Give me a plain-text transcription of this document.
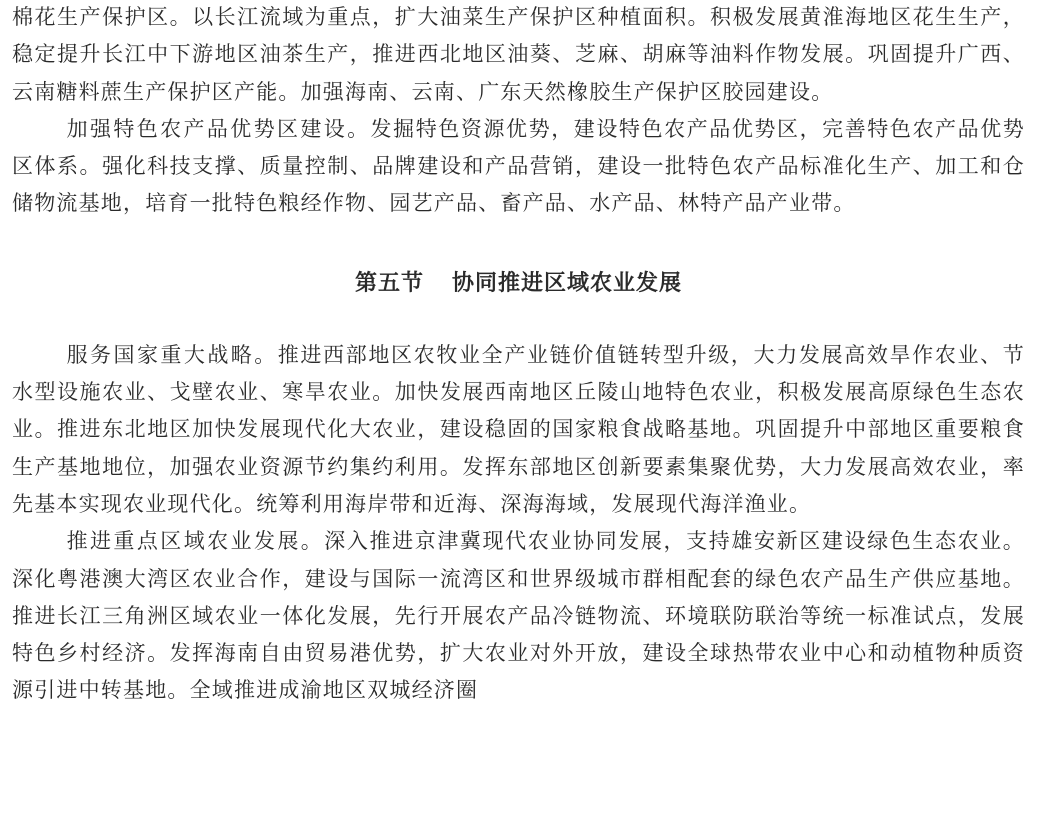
棉花生产保护区。以长江流域为重点，扩大油菜生产保护区种植面积。积极发展黄淮海地区花生生产，稳定提升长江中下游地区油茶生产，推进西北地区油葵、芝麻、胡麻等油料作物发展。巩固提升广西、云南糖料蔗生产保护区产能。加强海南、云南、广东天然橡胶生产保护区胶园建设。

加强特色农产品优势区建设。发掘特色资源优势，建设特色农产品优势区，完善特色农产品优势区体系。强化科技支撑、质量控制、品牌建设和产品营销，建设一批特色农产品标准化生产、加工和仓储物流基地，培育一批特色粮经作物、园艺产品、畜产品、水产品、林特产品产业带。

第五节 协同推进区域农业发展

服务国家重大战略。推进西部地区农牧业全产业链价值链转型升级，大力发展高效旱作农业、节水型设施农业、戈壁农业、寒旱农业。加快发展西南地区丘陵山地特色农业，积极发展高原绿色生态农业。推进东北地区加快发展现代化大农业，建设稳固的国家粮食战略基地。巩固提升中部地区重要粮食生产基地地位，加强农业资源节约集约利用。发挥东部地区创新要素集聚优势，大力发展高效农业，率先基本实现农业现代化。统筹利用海岸带和近海、深海海域，发展现代海洋渔业。

推进重点区域农业发展。深入推进京津冀现代农业协同发展，支持雄安新区建设绿色生态农业。深化粤港澳大湾区农业合作，建设与国际一流湾区和世界级城市群相配套的绿色农产品生产供应基地。推进长江三角洲区域农业一体化发展，先行开展农产品冷链物流、环境联防联治等统一标准试点，发展特色乡村经济。发挥海南自由贸易港优势，扩大农业对外开放，建设全球热带农业中心和动植物种质资源引进中转基地。全域推进成渝地区双城经济圈
